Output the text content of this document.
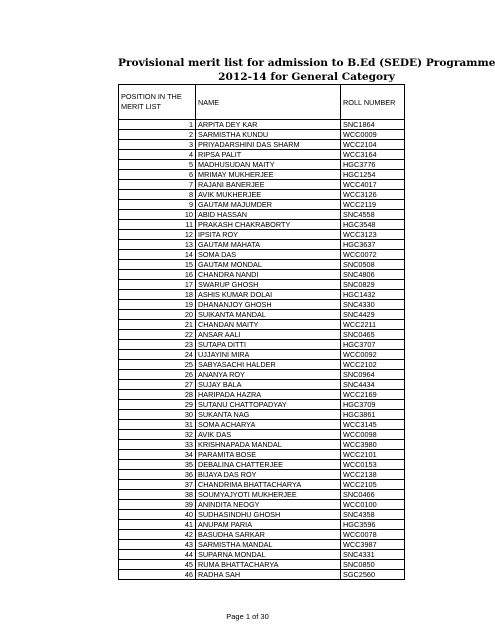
Provisional merit list for admission to B.Ed (SEDE) Programme
2012-14 for General Category
POSITION IN THE MERIT LIST	NAME	ROLL NUMBER
1	ARPITA DEY KAR	SNC1864
2	SARMISTHA KUNDU	WCC0009
3	PRIYADARSHINI DAS SHARM	WCC2104
4	RIPSA PALIT	WCC3164
5	MADHUSUDAN MAITY	HGC3776
6	MRIMAY MUKHERJEE	HGC1254
7	RAJANI BANERJEE	WCC4017
8	AVIK MUKHERJEE	WCC3126
9	GAUTAM MAJUMDER	WCC2119
10	ABID HASSAN	SNC4558
11	PRAKASH CHAKRABORTY	HGC3548
12	IPSITA ROY	WCC3123
13	GAUTAM MAHATA	HGC3637
14	SOMA DAS	WCC0072
15	GAUTAM MONDAL	SNC0508
16	CHANDRA NANDI	SNC4806
17	SWARUP GHOSH	SNC0829
18	ASHIS KUMAR DOLAI	HGC1432
19	DHANANJOY GHOSH	SNC4330
20	SUIKANTA MANDAL	SNC4429
21	CHANDAN MAITY	WCC2211
22	ANSAR AALI	SNC0465
23	SUTAPA DITTI	HGC3707
24	UJJAYINI MIRA	WCC0092
25	SABYASACHI HALDER	WCC2102
26	ANANYA ROY	SNC0964
27	SUJAY BALA	SNC4434
28	HARIPADA HAZRA	WCC2169
29	SUTANU CHATTOPADYAY	HGC3709
30	SUKANTA NAG	HGC3861
31	SOMA ACHARYA	WCC3145
32	AVIK DAS	WCC0098
33	KRISHNAPADA MANDAL	WCC3980
34	PARAMITA BOSE	WCC2101
35	DEBALINA CHATTERJEE	WCC0153
36	BIJAYA DAS ROY	WCC2138
37	CHANDRIMA BHATTACHARYA	WCC2105
38	SOUMYAJYOTI MUKHERJEE	SNC0466
39	ANINDITA NEOGY	WCC0100
40	SUDHASINDHU GHOSH	SNC4358
41	ANUPAM PARIA	HGC3596
42	BASUDHA SARKAR	WCC0078
43	SARMISTHA MANDAL	WCC3987
44	SUPARNA MONDAL	SNC4331
45	RUMA BHATTACHARYA	SNC0850
46	RADHA SAH	SGC2560
Page 1 of 30
